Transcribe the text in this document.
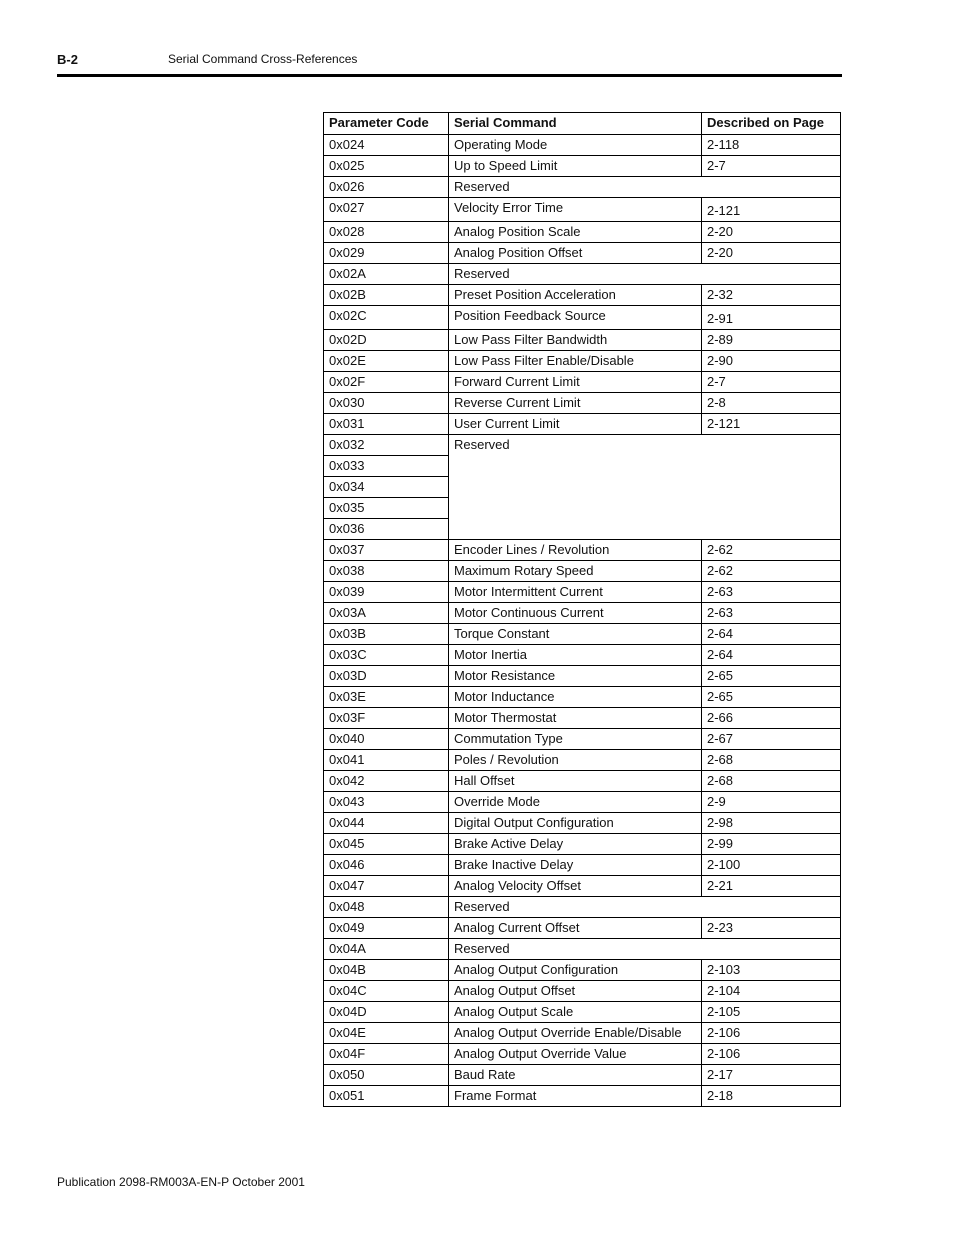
B-2	Serial Command Cross-References
Parameter Code	Serial Command	Described on Page
0x024	Operating Mode	2-118
0x025	Up to Speed Limit	2-7
0x026	Reserved	
0x027	Velocity Error Time	2-121
0x028	Analog Position Scale	2-20
0x029	Analog Position Offset	2-20
0x02A	Reserved	
0x02B	Preset Position Acceleration	2-32
0x02C	Position Feedback Source	2-91
0x02D	Low Pass Filter Bandwidth	2-89
0x02E	Low Pass Filter Enable/Disable	2-90
0x02F	Forward Current Limit	2-7
0x030	Reverse Current Limit	2-8
0x031	User Current Limit	2-121
0x032	Reserved	
0x033		
0x034		
0x035		
0x036		
0x037	Encoder Lines / Revolution	2-62
0x038	Maximum Rotary Speed	2-62
0x039	Motor Intermittent Current	2-63
0x03A	Motor Continuous Current	2-63
0x03B	Torque Constant	2-64
0x03C	Motor Inertia	2-64
0x03D	Motor Resistance	2-65
0x03E	Motor Inductance	2-65
0x03F	Motor Thermostat	2-66
0x040	Commutation Type	2-67
0x041	Poles / Revolution	2-68
0x042	Hall Offset	2-68
0x043	Override Mode	2-9
0x044	Digital Output Configuration	2-98
0x045	Brake Active Delay	2-99
0x046	Brake Inactive Delay	2-100
0x047	Analog Velocity Offset	2-21
0x048	Reserved	
0x049	Analog Current Offset	2-23
0x04A	Reserved	
0x04B	Analog Output Configuration	2-103
0x04C	Analog Output Offset	2-104
0x04D	Analog Output Scale	2-105
0x04E	Analog Output Override Enable/Disable	2-106
0x04F	Analog Output Override Value	2-106
0x050	Baud Rate	2-17
0x051	Frame Format	2-18
Publication 2098-RM003A-EN-P October 2001
